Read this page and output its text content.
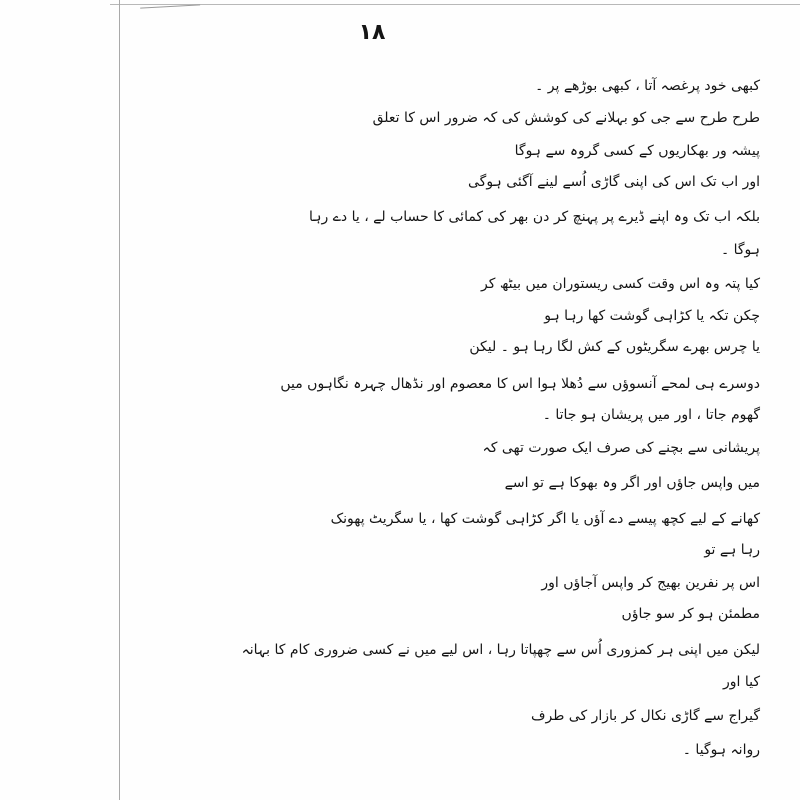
۱۸
کبھی خود پرغصہ آتا ، کبھی بوڑھے پر ۔
طرح طرح سے جی کو بہلانے کی کوشش کی کہ ضرور اس کا تعلق
پیشہ ور بھکاریوں کے کسی گروہ سے ہوگا
اور اب تک اس کی اپنی گاڑی اُسے لینے آگئی ہوگی
بلکہ اب تک وہ اپنے ڈیرے پر پہنچ کر دن بھر کی کمائی کا حساب لے ، یا دے رہا
ہوگا ۔
کیا پتہ وہ اس وقت کسی ریستوران میں بیٹھ کر
چکن تکہ یا کڑاہی گوشت کھا رہا ہو
یا چرس بھرے سگریٹوں کے کش لگا رہا ہو ۔ لیکن
دوسرے ہی لمحے آنسوؤں سے دُھلا ہوا اس کا معصوم اور نڈھال چہرہ نگاہوں میں
گھوم جاتا ، اور میں پریشان ہو جاتا ۔
پریشانی سے بچنے کی صرف ایک صورت تھی کہ
میں واپس جاؤں اور اگر وہ بھوکا ہے تو اسے
کھانے کے لیے کچھ پیسے دے آؤں یا اگر کڑاہی گوشت کھا ، یا سگریٹ پھونک
رہا ہے تو
اس پر نفرین بھیج کر واپس آجاؤں اور
مطمئن ہو کر سو جاؤں
لیکن میں اپنی ہر کمزوری اُس سے چھپاتا رہا ، اس لیے میں نے کسی ضروری کام کا بہانہ
کیا اور
گیراج سے گاڑی نکال کر بازار کی طرف
روانہ ہوگیا ۔
